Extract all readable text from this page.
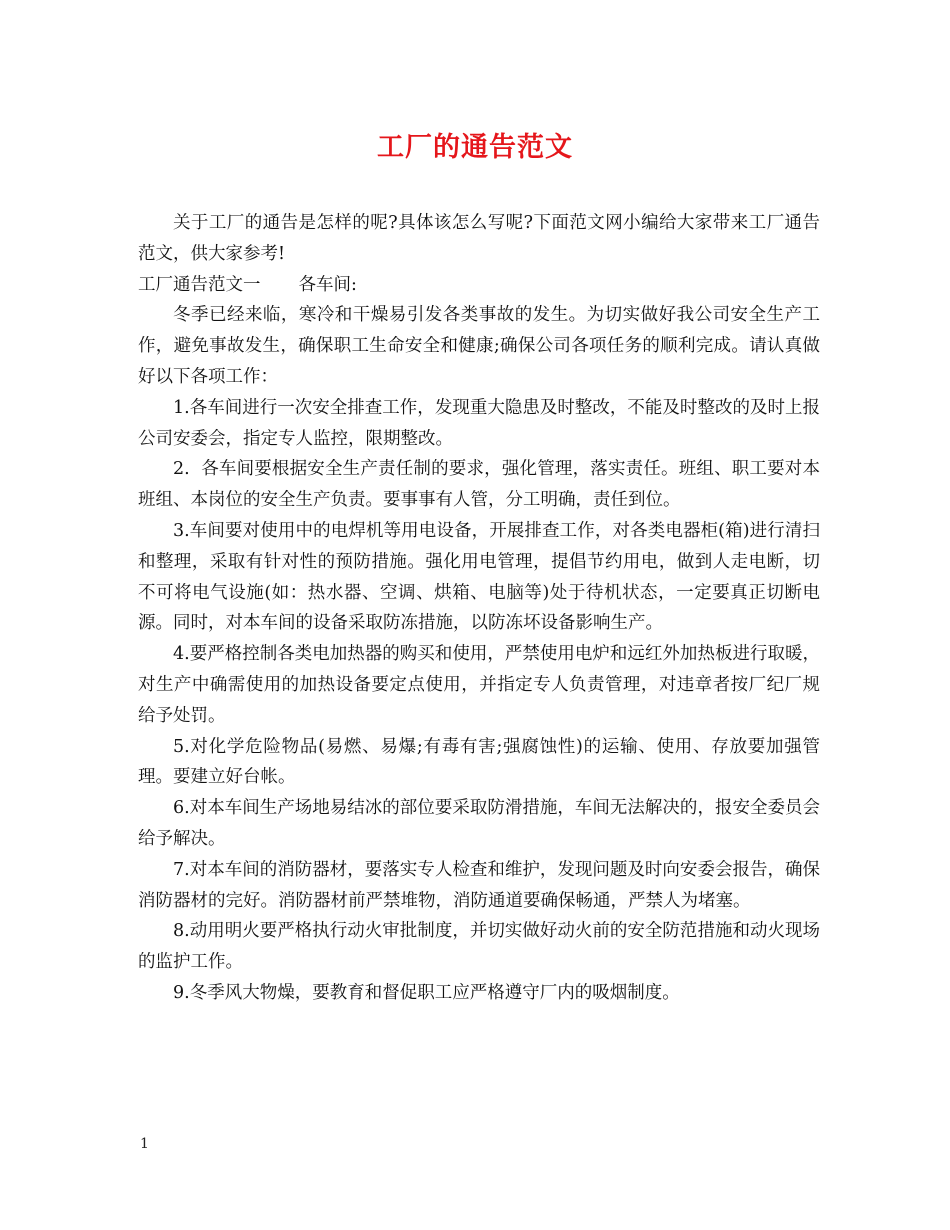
工厂的通告范文

关于工厂的通告是怎样的呢?具体该怎么写呢?下面范文网小编给大家带来工厂通告范文，供大家参考!

工厂通告范文一 各车间:

冬季已经来临，寒冷和干燥易引发各类事故的发生。为切实做好我公司安全生产工作，避免事故发生，确保职工生命安全和健康;确保公司各项任务的顺利完成。请认真做好以下各项工作：

1.各车间进行一次安全排查工作，发现重大隐患及时整改，不能及时整改的及时上报公司安委会，指定专人监控，限期整改。

2.  各车间要根据安全生产责任制的要求，强化管理，落实责任。班组、职工要对本班组、本岗位的安全生产负责。要事事有人管，分工明确，责任到位。

3.车间要对使用中的电焊机等用电设备，开展排查工作，对各类电器柜(箱)进行清扫和整理，采取有针对性的预防措施。强化用电管理，提倡节约用电，做到人走电断，切不可将电气设施(如：热水器、空调、烘箱、电脑等)处于待机状态，一定要真正切断电源。同时，对本车间的设备采取防冻措施，以防冻坏设备影响生产。

4.要严格控制各类电加热器的购买和使用，严禁使用电炉和远红外加热板进行取暖，对生产中确需使用的加热设备要定点使用，并指定专人负责管理，对违章者按厂纪厂规给予处罚。

5.对化学危险物品(易燃、易爆;有毒有害;强腐蚀性)的运输、使用、存放要加强管理。要建立好台帐。

6.对本车间生产场地易结冰的部位要采取防滑措施，车间无法解决的，报安全委员会给予解决。

7.对本车间的消防器材，要落实专人检查和维护，发现问题及时向安委会报告，确保消防器材的完好。消防器材前严禁堆物，消防通道要确保畅通，严禁人为堵塞。

8.动用明火要严格执行动火审批制度，并切实做好动火前的安全防范措施和动火现场的监护工作。

9.冬季风大物燥，要教育和督促职工应严格遵守厂内的吸烟制度。

1
